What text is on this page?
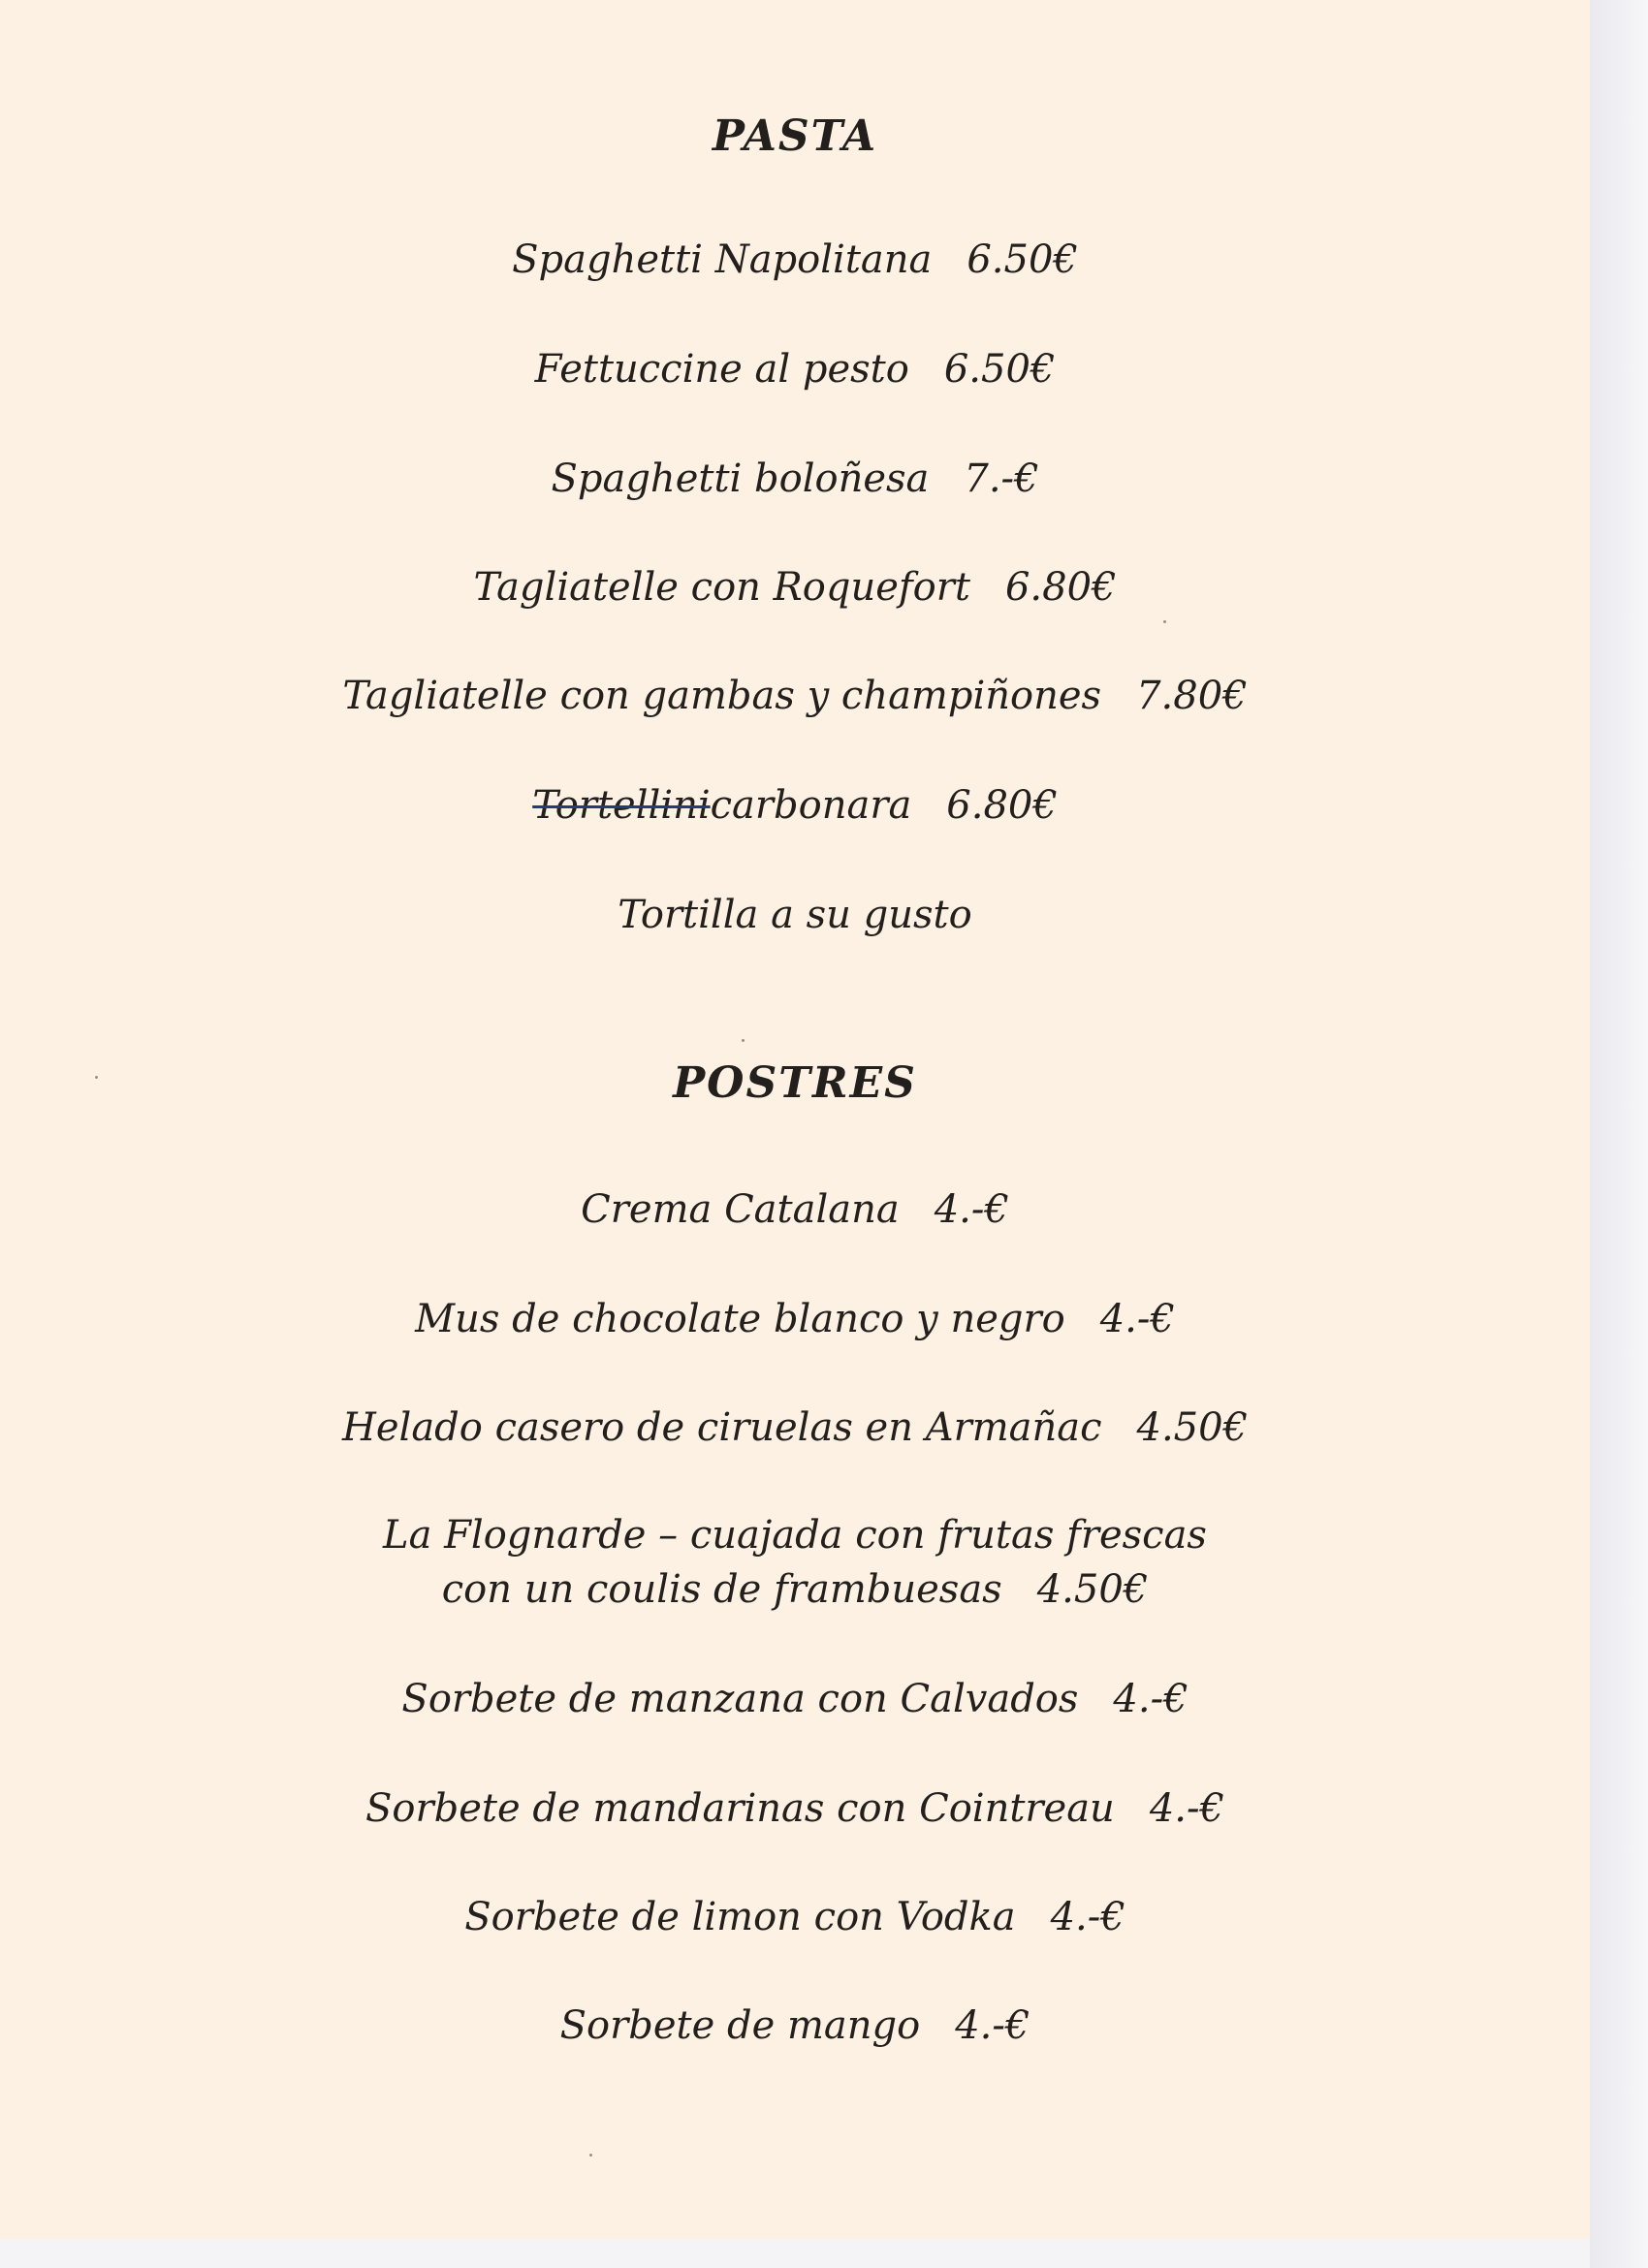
PASTA
Spaghetti Napolitana 6.50€
Fettuccine al pesto 6.50€
Spaghetti boloñesa 7.-€
Tagliatelle con Roquefort 6.80€
Tagliatelle con gambas y champiñones 7.80€
Tortellinicarbonara 6.80€
Tortilla a su gusto
POSTRES
Crema Catalana 4.-€
Mus de chocolate blanco y negro 4.-€
Helado casero de ciruelas en Armañac 4.50€
La Flognarde – cuajada con frutas frescas
con un coulis de frambuesas 4.50€
Sorbete de manzana con Calvados 4.-€
Sorbete de mandarinas con Cointreau 4.-€
Sorbete de limon con Vodka 4.-€
Sorbete de mango 4.-€
